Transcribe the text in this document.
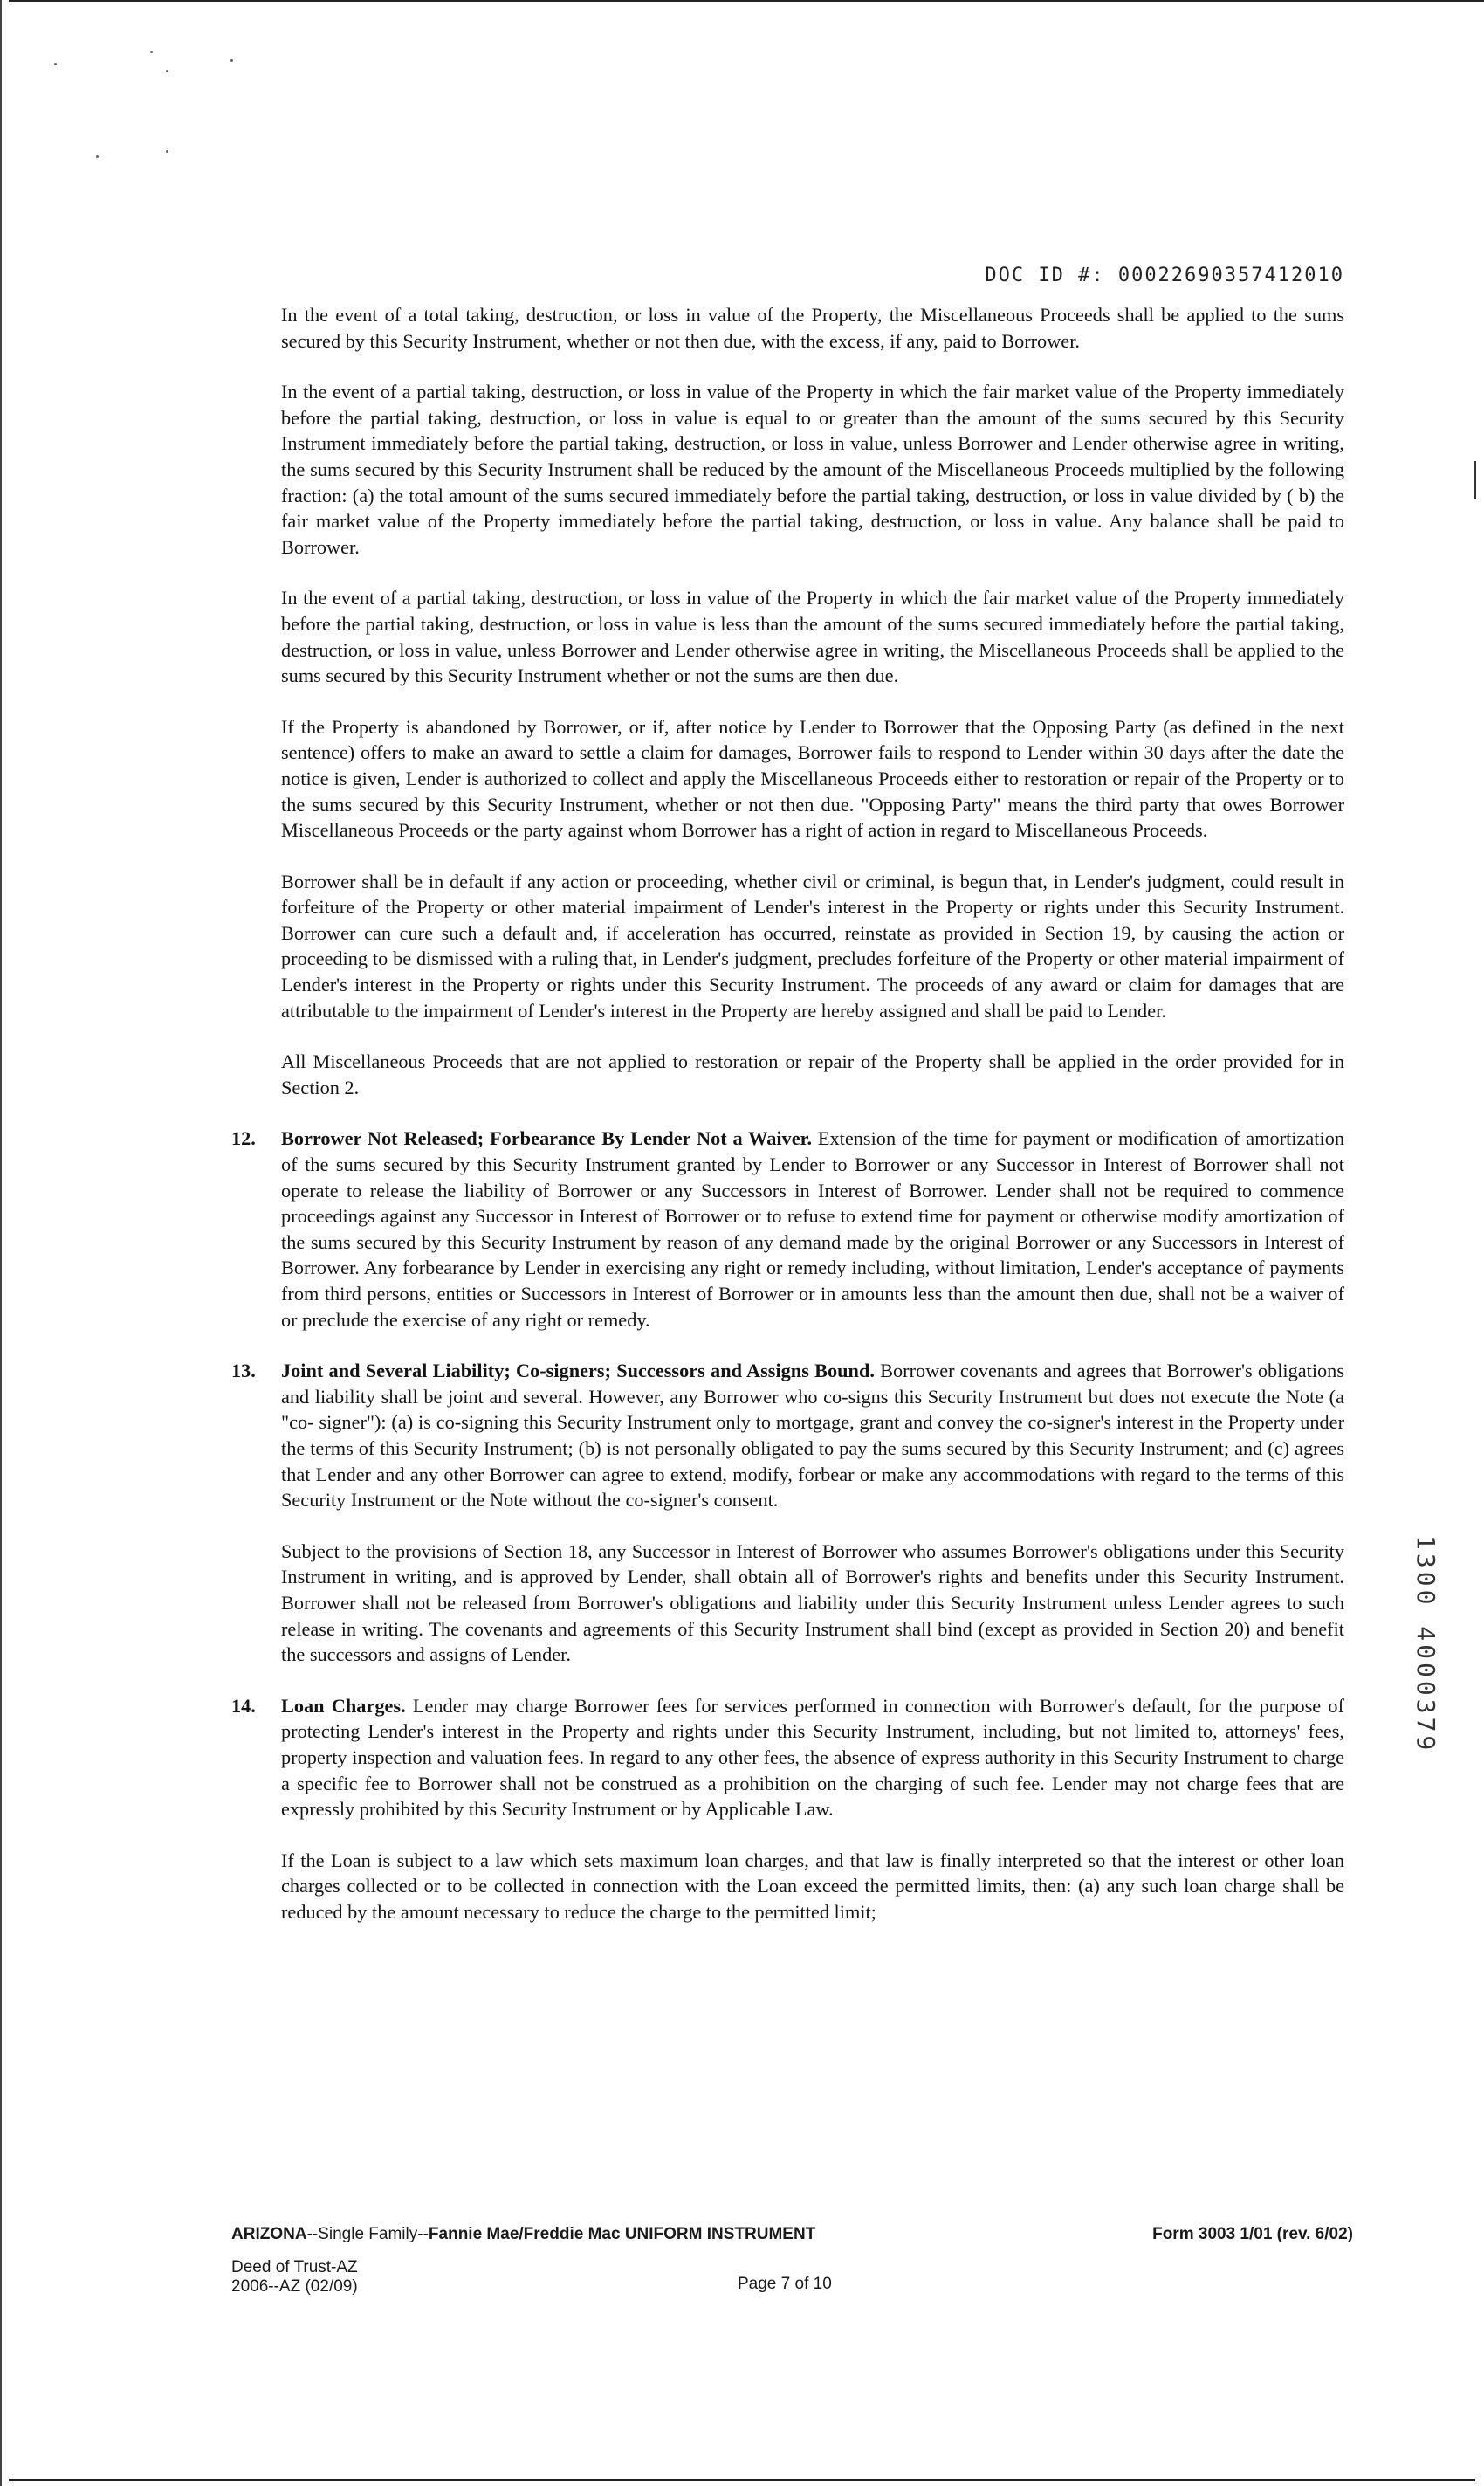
DOC ID #: 00022690357412010

In the event of a total taking, destruction, or loss in value of the Property, the Miscellaneous Proceeds shall be applied to the sums secured by this Security Instrument, whether or not then due, with the excess, if any, paid to Borrower.

In the event of a partial taking, destruction, or loss in value of the Property in which the fair market value of the Property immediately before the partial taking, destruction, or loss in value is equal to or greater than the amount of the sums secured by this Security Instrument immediately before the partial taking, destruction, or loss in value, unless Borrower and Lender otherwise agree in writing, the sums secured by this Security Instrument shall be reduced by the amount of the Miscellaneous Proceeds multiplied by the following fraction: (a) the total amount of the sums secured immediately before the partial taking, destruction, or loss in value divided by ( b) the fair market value of the Property immediately before the partial taking, destruction, or loss in value. Any balance shall be paid to Borrower.

In the event of a partial taking, destruction, or loss in value of the Property in which the fair market value of the Property immediately before the partial taking, destruction, or loss in value is less than the amount of the sums secured immediately before the partial taking, destruction, or loss in value, unless Borrower and Lender otherwise agree in writing, the Miscellaneous Proceeds shall be applied to the sums secured by this Security Instrument whether or not the sums are then due.

If the Property is abandoned by Borrower, or if, after notice by Lender to Borrower that the Opposing Party (as defined in the next sentence) offers to make an award to settle a claim for damages, Borrower fails to respond to Lender within 30 days after the date the notice is given, Lender is authorized to collect and apply the Miscellaneous Proceeds either to restoration or repair of the Property or to the sums secured by this Security Instrument, whether or not then due. "Opposing Party" means the third party that owes Borrower Miscellaneous Proceeds or the party against whom Borrower has a right of action in regard to Miscellaneous Proceeds.

Borrower shall be in default if any action or proceeding, whether civil or criminal, is begun that, in Lender's judgment, could result in forfeiture of the Property or other material impairment of Lender's interest in the Property or rights under this Security Instrument. Borrower can cure such a default and, if acceleration has occurred, reinstate as provided in Section 19, by causing the action or proceeding to be dismissed with a ruling that, in Lender's judgment, precludes forfeiture of the Property or other material impairment of Lender's interest in the Property or rights under this Security Instrument. The proceeds of any award or claim for damages that are attributable to the impairment of Lender's interest in the Property are hereby assigned and shall be paid to Lender.

All Miscellaneous Proceeds that are not applied to restoration or repair of the Property shall be applied in the order provided for in Section 2.

12. Borrower Not Released; Forbearance By Lender Not a Waiver. Extension of the time for payment or modification of amortization of the sums secured by this Security Instrument granted by Lender to Borrower or any Successor in Interest of Borrower shall not operate to release the liability of Borrower or any Successors in Interest of Borrower. Lender shall not be required to commence proceedings against any Successor in Interest of Borrower or to refuse to extend time for payment or otherwise modify amortization of the sums secured by this Security Instrument by reason of any demand made by the original Borrower or any Successors in Interest of Borrower. Any forbearance by Lender in exercising any right or remedy including, without limitation, Lender's acceptance of payments from third persons, entities or Successors in Interest of Borrower or in amounts less than the amount then due, shall not be a waiver of or preclude the exercise of any right or remedy.

13. Joint and Several Liability; Co-signers; Successors and Assigns Bound. Borrower covenants and agrees that Borrower's obligations and liability shall be joint and several. However, any Borrower who co-signs this Security Instrument but does not execute the Note (a "co- signer"): (a) is co-signing this Security Instrument only to mortgage, grant and convey the co-signer's interest in the Property under the terms of this Security Instrument; (b) is not personally obligated to pay the sums secured by this Security Instrument; and (c) agrees that Lender and any other Borrower can agree to extend, modify, forbear or make any accommodations with regard to the terms of this Security Instrument or the Note without the co-signer's consent.

Subject to the provisions of Section 18, any Successor in Interest of Borrower who assumes Borrower's obligations under this Security Instrument in writing, and is approved by Lender, shall obtain all of Borrower's rights and benefits under this Security Instrument. Borrower shall not be released from Borrower's obligations and liability under this Security Instrument unless Lender agrees to such release in writing. The covenants and agreements of this Security Instrument shall bind (except as provided in Section 20) and benefit the successors and assigns of Lender.

14. Loan Charges. Lender may charge Borrower fees for services performed in connection with Borrower's default, for the purpose of protecting Lender's interest in the Property and rights under this Security Instrument, including, but not limited to, attorneys' fees, property inspection and valuation fees. In regard to any other fees, the absence of express authority in this Security Instrument to charge a specific fee to Borrower shall not be construed as a prohibition on the charging of such fee. Lender may not charge fees that are expressly prohibited by this Security Instrument or by Applicable Law.

If the Loan is subject to a law which sets maximum loan charges, and that law is finally interpreted so that the interest or other loan charges collected or to be collected in connection with the Loan exceed the permitted limits, then: (a) any such loan charge shall be reduced by the amount necessary to reduce the charge to the permitted limit;

1300 4000379
ARIZONA--Single Family--Fannie Mae/Freddie Mac UNIFORM INSTRUMENT	Form 3003 1/01 (rev. 6/02)
Deed of Trust-AZ
2006--AZ (02/09)	Page 7 of 10
